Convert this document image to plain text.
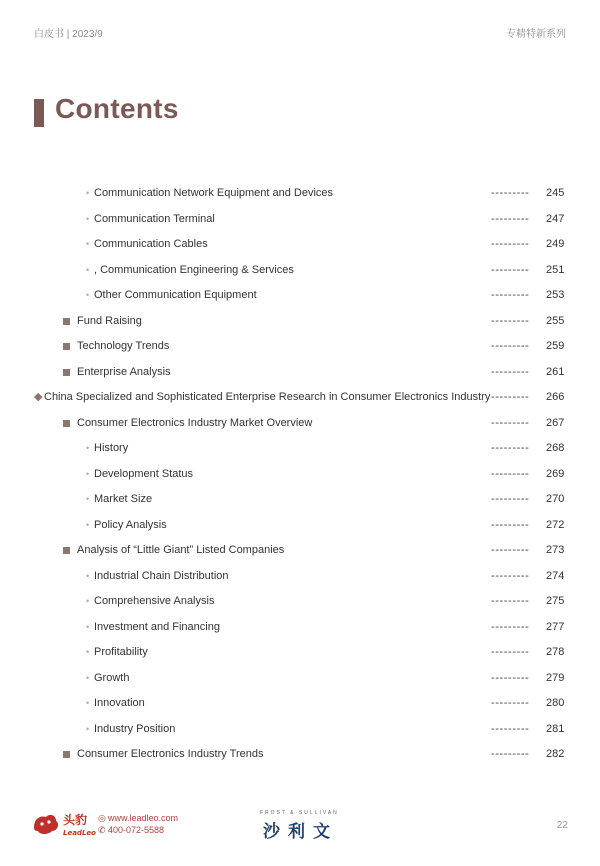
白皮书 | 2023/9	专精特新系列
Contents
• Communication Network Equipment and Devices	--------- 245
• Communication Terminal	--------- 247
• Communication Cables	--------- 249
• , Communication Engineering & Services	--------- 251
• Other Communication Equipment	--------- 253
Fund Raising	--------- 255
Technology Trends	--------- 259
Enterprise Analysis	--------- 261
◆ China Specialized and Sophisticated Enterprise Research in Consumer Electronics Industry --------- 266
Consumer Electronics Industry Market Overview	--------- 267
• History	--------- 268
• Development Status	--------- 269
• Market Size	--------- 270
• Policy Analysis	--------- 272
Analysis of “Little Giant” Listed Companies	--------- 273
• Industrial Chain Distribution	--------- 274
• Comprehensive Analysis	--------- 275
• Investment and Financing	--------- 277
• Profitability	--------- 278
• Growth	--------- 279
• Innovation	--------- 280
• Industry Position	--------- 281
Consumer Electronics Industry Trends	--------- 282
头豹
LeadLeo
◎ www.leadleo.com
✆ 400-072-5588
FROST & SULLIVAN
沙利文	22
